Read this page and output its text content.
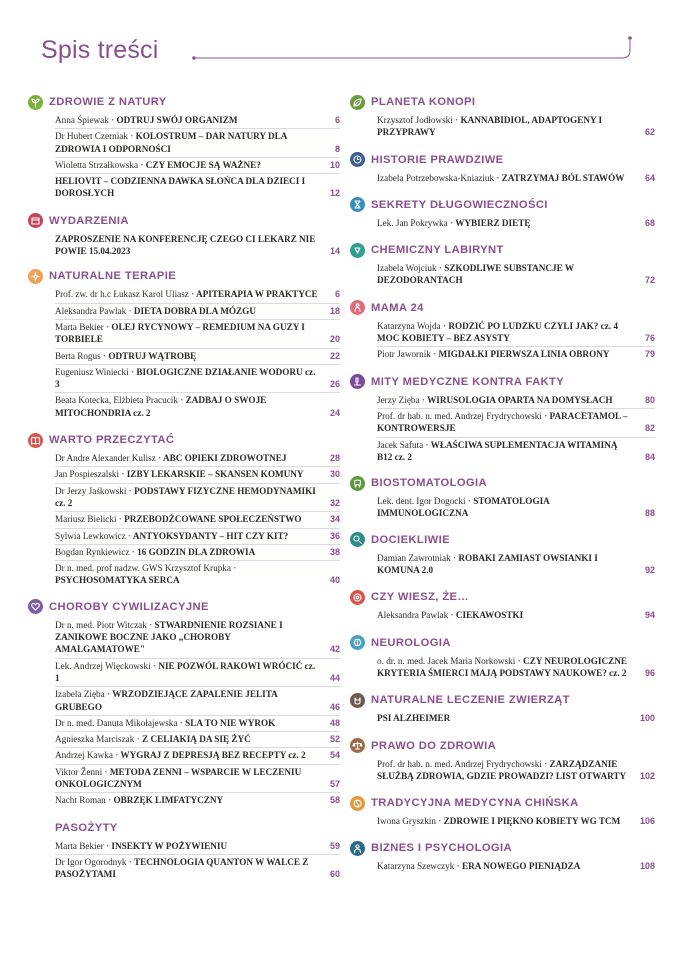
Spis treści
ZDROWIE Z NATURY
Anna Śpiewak · ODTRUJ SWÓJ ORGANIZM	6
Dr Hubert Czerniak · KOLOSTRUM – DAR NATURY DLA ZDROWIA I ODPORNOŚCI	8
Wioletta Strzałkowska · CZY EMOCJE SĄ WAŻNE?	10
HELIOVIT – CODZIENNA DAWKA SŁOŃCA DLA DZIECI I DOROSŁYCH	12
WYDARZENIA
ZAPROSZENIE NA KONFERENCJĘ CZEGO CI LEKARZ NIE POWIE 15.04.2023	14
NATURALNE TERAPIE
Prof. zw. dr h.c Łukasz Karol Uliasz · APITERAPIA W PRAKTYCE	6
Aleksandra Pawlak · DIETA DOBRA DLA MÓZGU	18
Marta Bekier · OLEJ RYCYNOWY – REMEDIUM NA GUZY I TORBIELE	20
Berta Rogus · ODTRUJ WĄTROBĘ	22
Eugeniusz Winiecki · BIOLOGICZNE DZIAŁANIE WODORU cz. 3	26
Beata Kotecka, Elżbieta Pracucik · ZADBAJ O SWOJE MITOCHONDRIA cz. 2	24
WARTO PRZECZYTAĆ
Dr Andre Alexander Kulisz · ABC OPIEKI ZDROWOTNEJ	28
Jan Pospieszalski · IZBY LEKARSKIE – SKANSEN KOMUNY	30
Dr Jerzy Jaśkowski · PODSTAWY FIZYCZNE HEMODYNAMIKI cz. 2	32
Mariusz Bielicki · PRZEBODŹCOWANE SPOŁECZEŃSTWO	34
Sylwia Lewkowicz · ANTYOKSYDANTY – HIT CZY KIT?	36
Bogdan Rynkiewicz · 16 GODZIN DLA ZDROWIA	38
Dr n. med. prof nadzw. GWS Krzysztof Krupka · PSYCHOSOMATYKA SERCA	40
CHOROBY CYWILIZACYJNE
Dr n. med. Piotr Witczak · STWARDNIENIE ROZSIANE I ZANIKOWE BOCZNE JAKO „CHOROBY AMALGAMATOWE"	42
Lek. Andrzej Więckowski · NIE POZWÓL RAKOWI WRÓCIĆ cz. 1	44
Izabela Zięba · WRZODZIEJĄCE ZAPALENIE JELITA GRUBEGO	46
Dr n. med. Danuta Mikołajewska · SLA TO NIE WYROK	48
Agnieszka Marciszak · Z CELIAKIĄ DA SIĘ ŻYĆ	52
Andrzej Kawka · WYGRAJ Z DEPRESJĄ BEZ RECEPTY cz. 2	54
Viktor Ženni · METODA ZENNI – WSPARCIE W LECZENIU ONKOLOGICZNYM	57
Nacht Roman · OBRZĘK LIMFATYCZNY	58
PASOŻYTY
Marta Bekier · INSEKTY W POŻYWIENIU	59
Dr Igor Ogorodnyk · TECHNOLOGIA QUANTON W WALCE Z PASOŻYTAMI	60
PLANETA KONOPI
Krzysztof Jodłowski · KANNABIDIOL, ADAPTOGENY I PRZYPRAWY	62
HISTORIE PRAWDZIWE
Izabela Potrzebowska-Kniaziuk · ZATRZYMAJ BÓL STAWÓW	64
SEKRETY DŁUGOWIECZNOŚCI
Lek. Jan Pokrywka · WYBIERZ DIETĘ	68
CHEMICZNY LABIRYNT
Izabela Wojciuk · SZKODLIWE SUBSTANCJE W DEZODORANTACH	72
MAMA 24
Katarzyna Wojda · RODZIĆ PO LUDZKU CZYLI JAK? cz. 4 MOC KOBIETY – BEZ ASYSTY	76
Piotr Jawornik · MIGDAŁKI PIERWSZA LINIA OBRONY	79
MITY MEDYCZNE KONTRA FAKTY
Jerzy Zięba · WIRUSOLOGIA OPARTA NA DOMYSŁACH	80
Prof. dr hab. n. med. Andrzej Frydrychowski · PARACETAMOL – KONTROWERSJE	82
Jacek Safuta · WŁAŚCIWA SUPLEMENTACJA WITAMINĄ B12 cz. 2	84
BIOSTOMATOLOGIA
Lek. dent. Igor Dogocki · STOMATOLOGIA IMMUNOLOGICZNA	88
DOCIEKLIWIE
Damian Zawrotniak · ROBAKI ZAMIAST OWSIANKI I KOMUNA 2.0	92
CZY WIESZ, ŻE…
Aleksandra Pawlak · CIEKAWOSTKI	94
NEUROLOGIA
o. dr. n. med. Jacek Maria Norkowski · CZY NEUROLOGICZNE KRYTERIA ŚMIERCI MAJĄ PODSTAWY NAUKOWE? cz. 2	96
NATURALNE LECZENIE ZWIERZĄT
PSI ALZHEIMER	100
PRAWO DO ZDROWIA
Prof. dr hab. n. med. Andrzej Frydrychowski · ZARZĄDZANIE SŁUŻBĄ ZDROWIA, GDZIE PROWADZI? LIST OTWARTY	102
TRADYCYJNA MEDYCYNA CHIŃSKA
Iwona Gryszkin · ZDROWIE I PIĘKNO KOBIETY WG TCM	106
BIZNES I PSYCHOLOGIA
Katarzyna Szewczyk · ERA NOWEGO PIENIĄDZA	108
